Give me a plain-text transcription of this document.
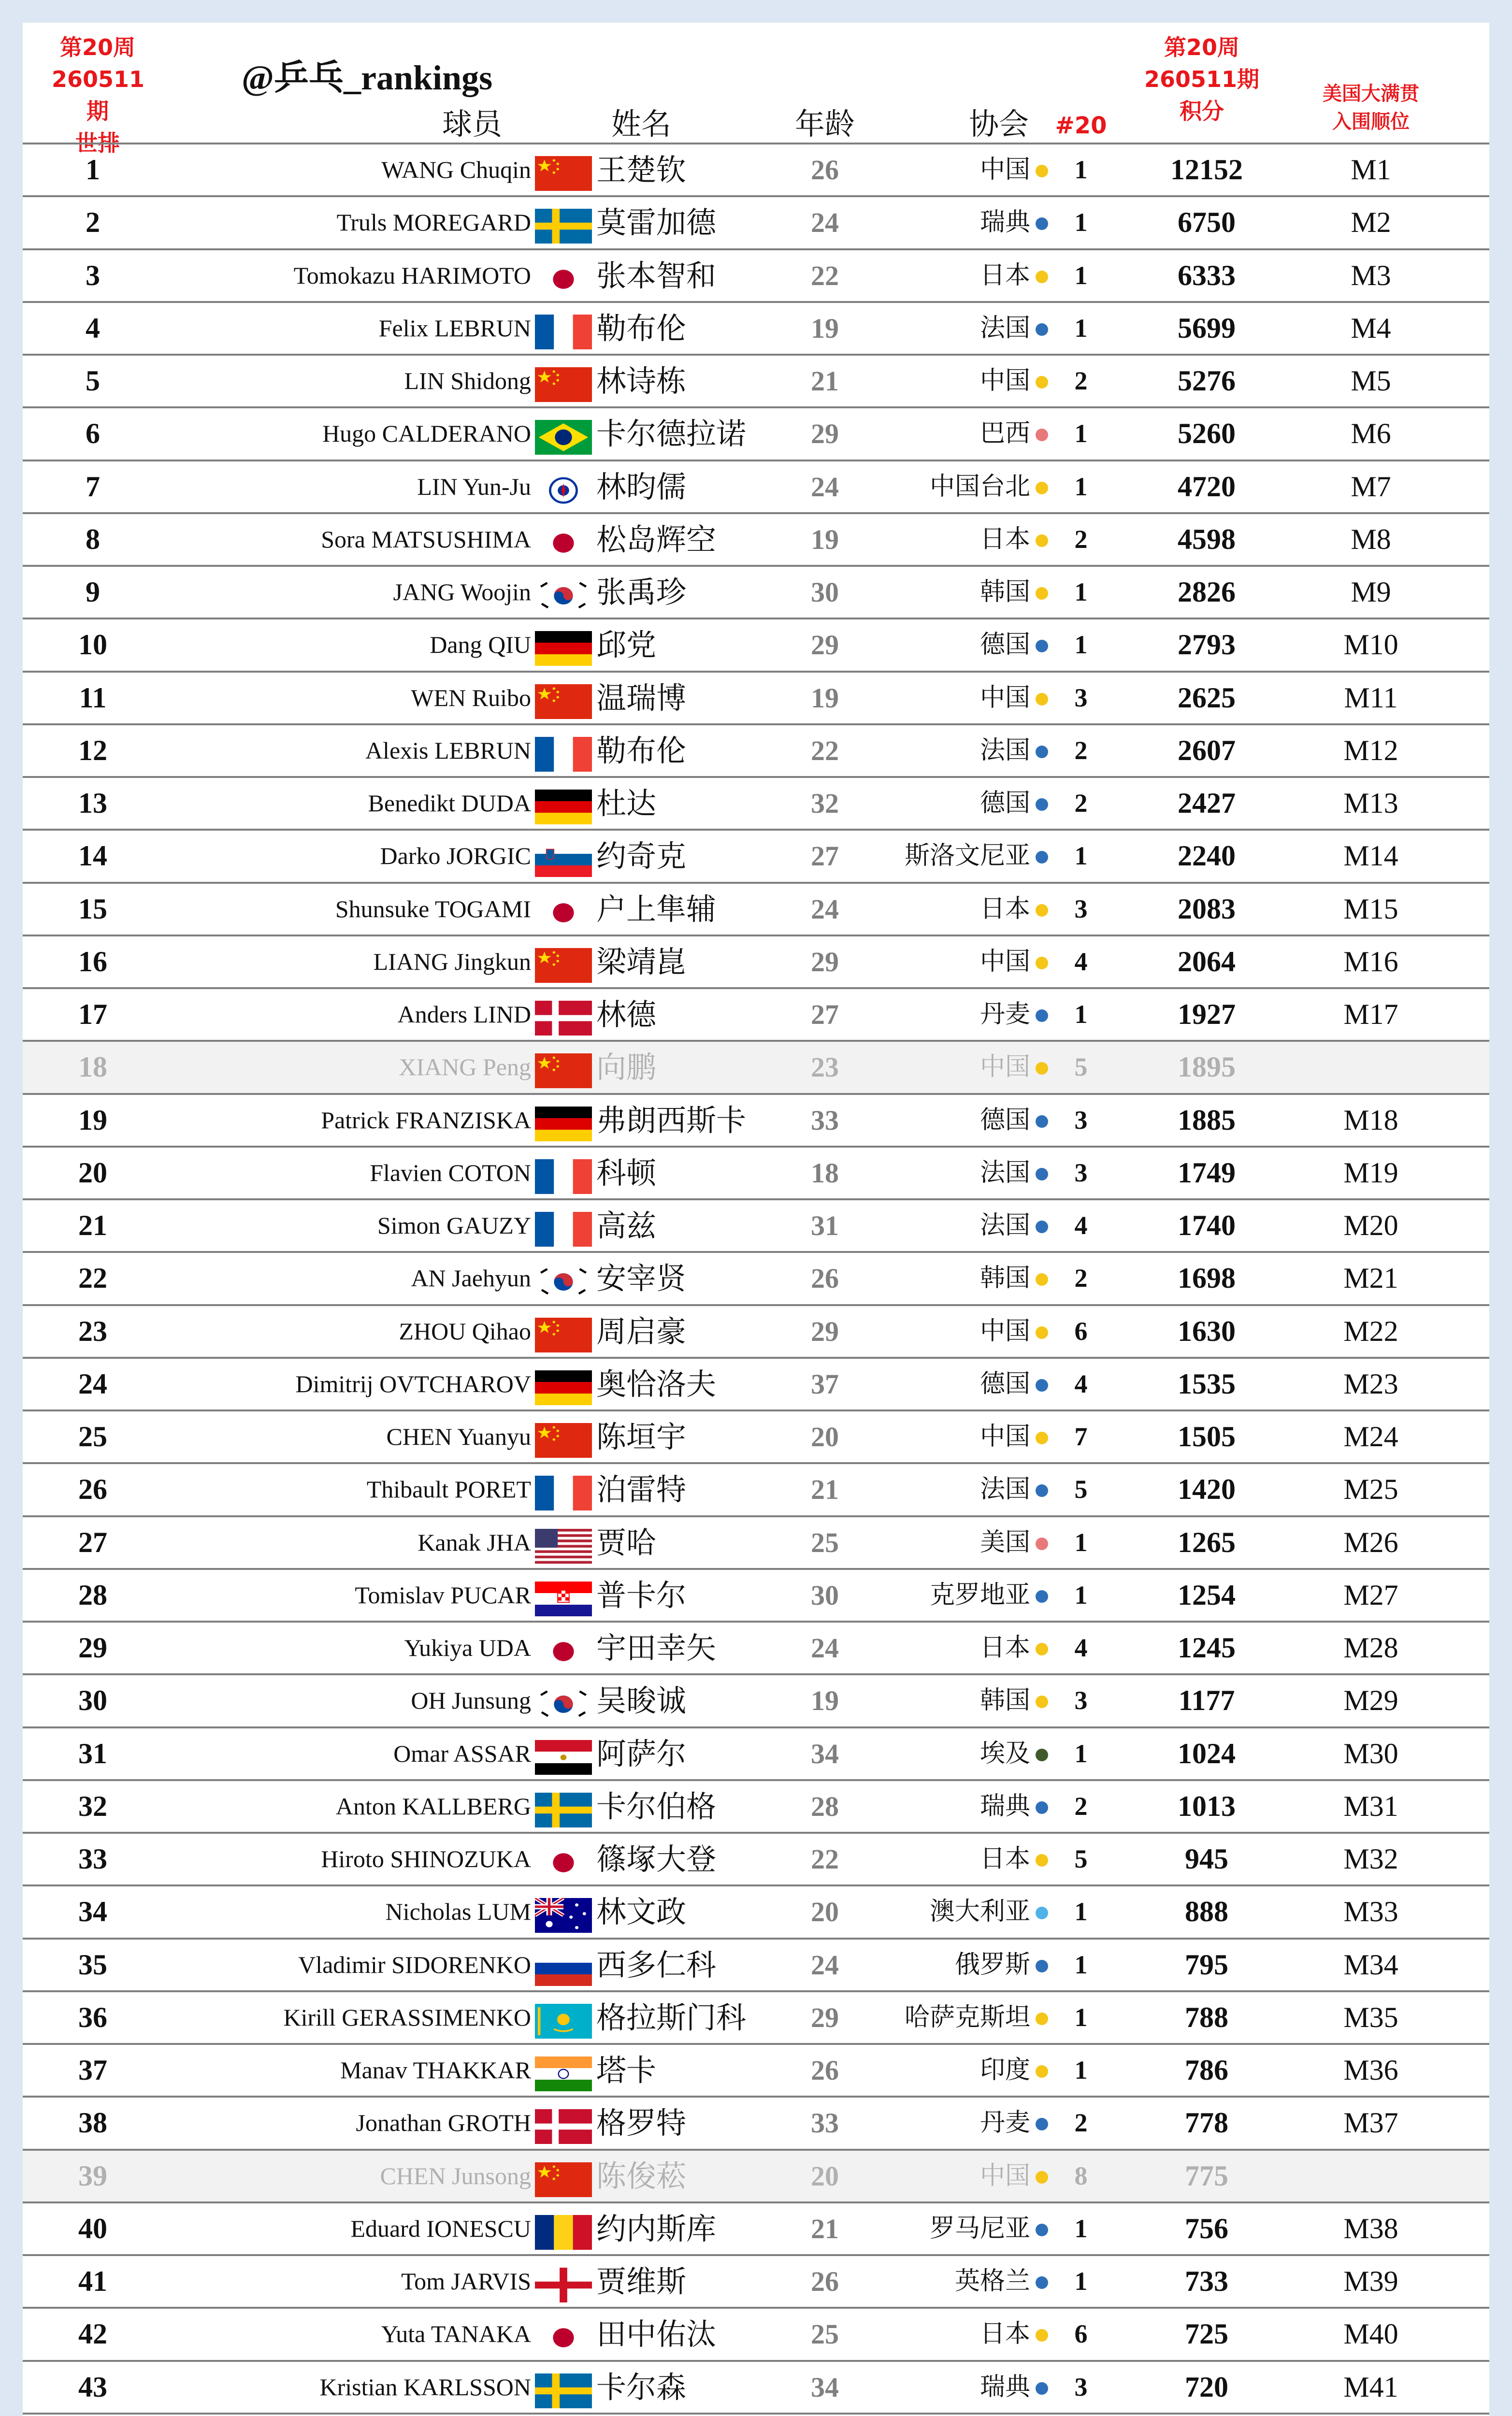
第20周
260511期
世排
@乒乓_rankings
球员	姓名	年龄	协会	#20
第20周
260511期
积分
美国大满贯
入围顺位
1	WANG Chuqin 王楚钦	26	中国	1	12152	M1
2	Truls MOREGARD 莫雷加德	24	瑞典	1	6750	M2
3	Tomokazu HARIMOTO 张本智和	22	日本	1	6333	M3
4	Felix LEBRUN 勒布伦	19	法国	1	5699	M4
5	LIN Shidong 林诗栋	21	中国	2	5276	M5
6	Hugo CALDERANO 卡尔德拉诺	29	巴西	1	5260	M6
7	LIN Yun-Ju 林昀儒	24	中国台北	1	4720	M7
8	Sora MATSUSHIMA 松岛辉空	19	日本	2	4598	M8
9	JANG Woojin 张禹珍	30	韩国	1	2826	M9
10	Dang QIU 邱党	29	德国	1	2793	M10
11	WEN Ruibo 温瑞博	19	中国	3	2625	M11
12	Alexis LEBRUN 勒布伦	22	法国	2	2607	M12
13	Benedikt DUDA 杜达	32	德国	2	2427	M13
14	Darko JORGIC 约奇克	27	斯洛文尼亚	1	2240	M14
15	Shunsuke TOGAMI 户上隼辅	24	日本	3	2083	M15
16	LIANG Jingkun 梁靖崑	29	中国	4	2064	M16
17	Anders LIND 林德	27	丹麦	1	1927	M17
18	XIANG Peng 向鹏	23	中国	5	1895
19	Patrick FRANZISKA 弗朗西斯卡	33	德国	3	1885	M18
20	Flavien COTON 科顿	18	法国	3	1749	M19
21	Simon GAUZY 高兹	31	法国	4	1740	M20
22	AN Jaehyun 安宰贤	26	韩国	2	1698	M21
23	ZHOU Qihao 周启豪	29	中国	6	1630	M22
24	Dimitrij OVTCHAROV 奥恰洛夫	37	德国	4	1535	M23
25	CHEN Yuanyu 陈垣宇	20	中国	7	1505	M24
26	Thibault PORET 泊雷特	21	法国	5	1420	M25
27	Kanak JHA 贾哈	25	美国	1	1265	M26
28	Tomislav PUCAR 普卡尔	30	克罗地亚	1	1254	M27
29	Yukiya UDA 宇田幸矢	24	日本	4	1245	M28
30	OH Junsung 吴晙诚	19	韩国	3	1177	M29
31	Omar ASSAR 阿萨尔	34	埃及	1	1024	M30
32	Anton KALLBERG 卡尔伯格	28	瑞典	2	1013	M31
33	Hiroto SHINOZUKA 篠塚大登	22	日本	5	945	M32
34	Nicholas LUM 林文政	20	澳大利亚	1	888	M33
35	Vladimir SIDORENKO 西多仁科	24	俄罗斯	1	795	M34
36	Kirill GERASSIMENKO 格拉斯门科	29	哈萨克斯坦	1	788	M35
37	Manav THAKKAR 塔卡	26	印度	1	786	M36
38	Jonathan GROTH 格罗特	33	丹麦	2	778	M37
39	CHEN Junsong 陈俊菘	20	中国	8	775
40	Eduard IONESCU 约内斯库	21	罗马尼亚	1	756	M38
41	Tom JARVIS 贾维斯	26	英格兰	1	733	M39
42	Yuta TANAKA 田中佑汰	25	日本	6	725	M40
43	Kristian KARLSSON 卡尔森	34	瑞典	3	720	M41
